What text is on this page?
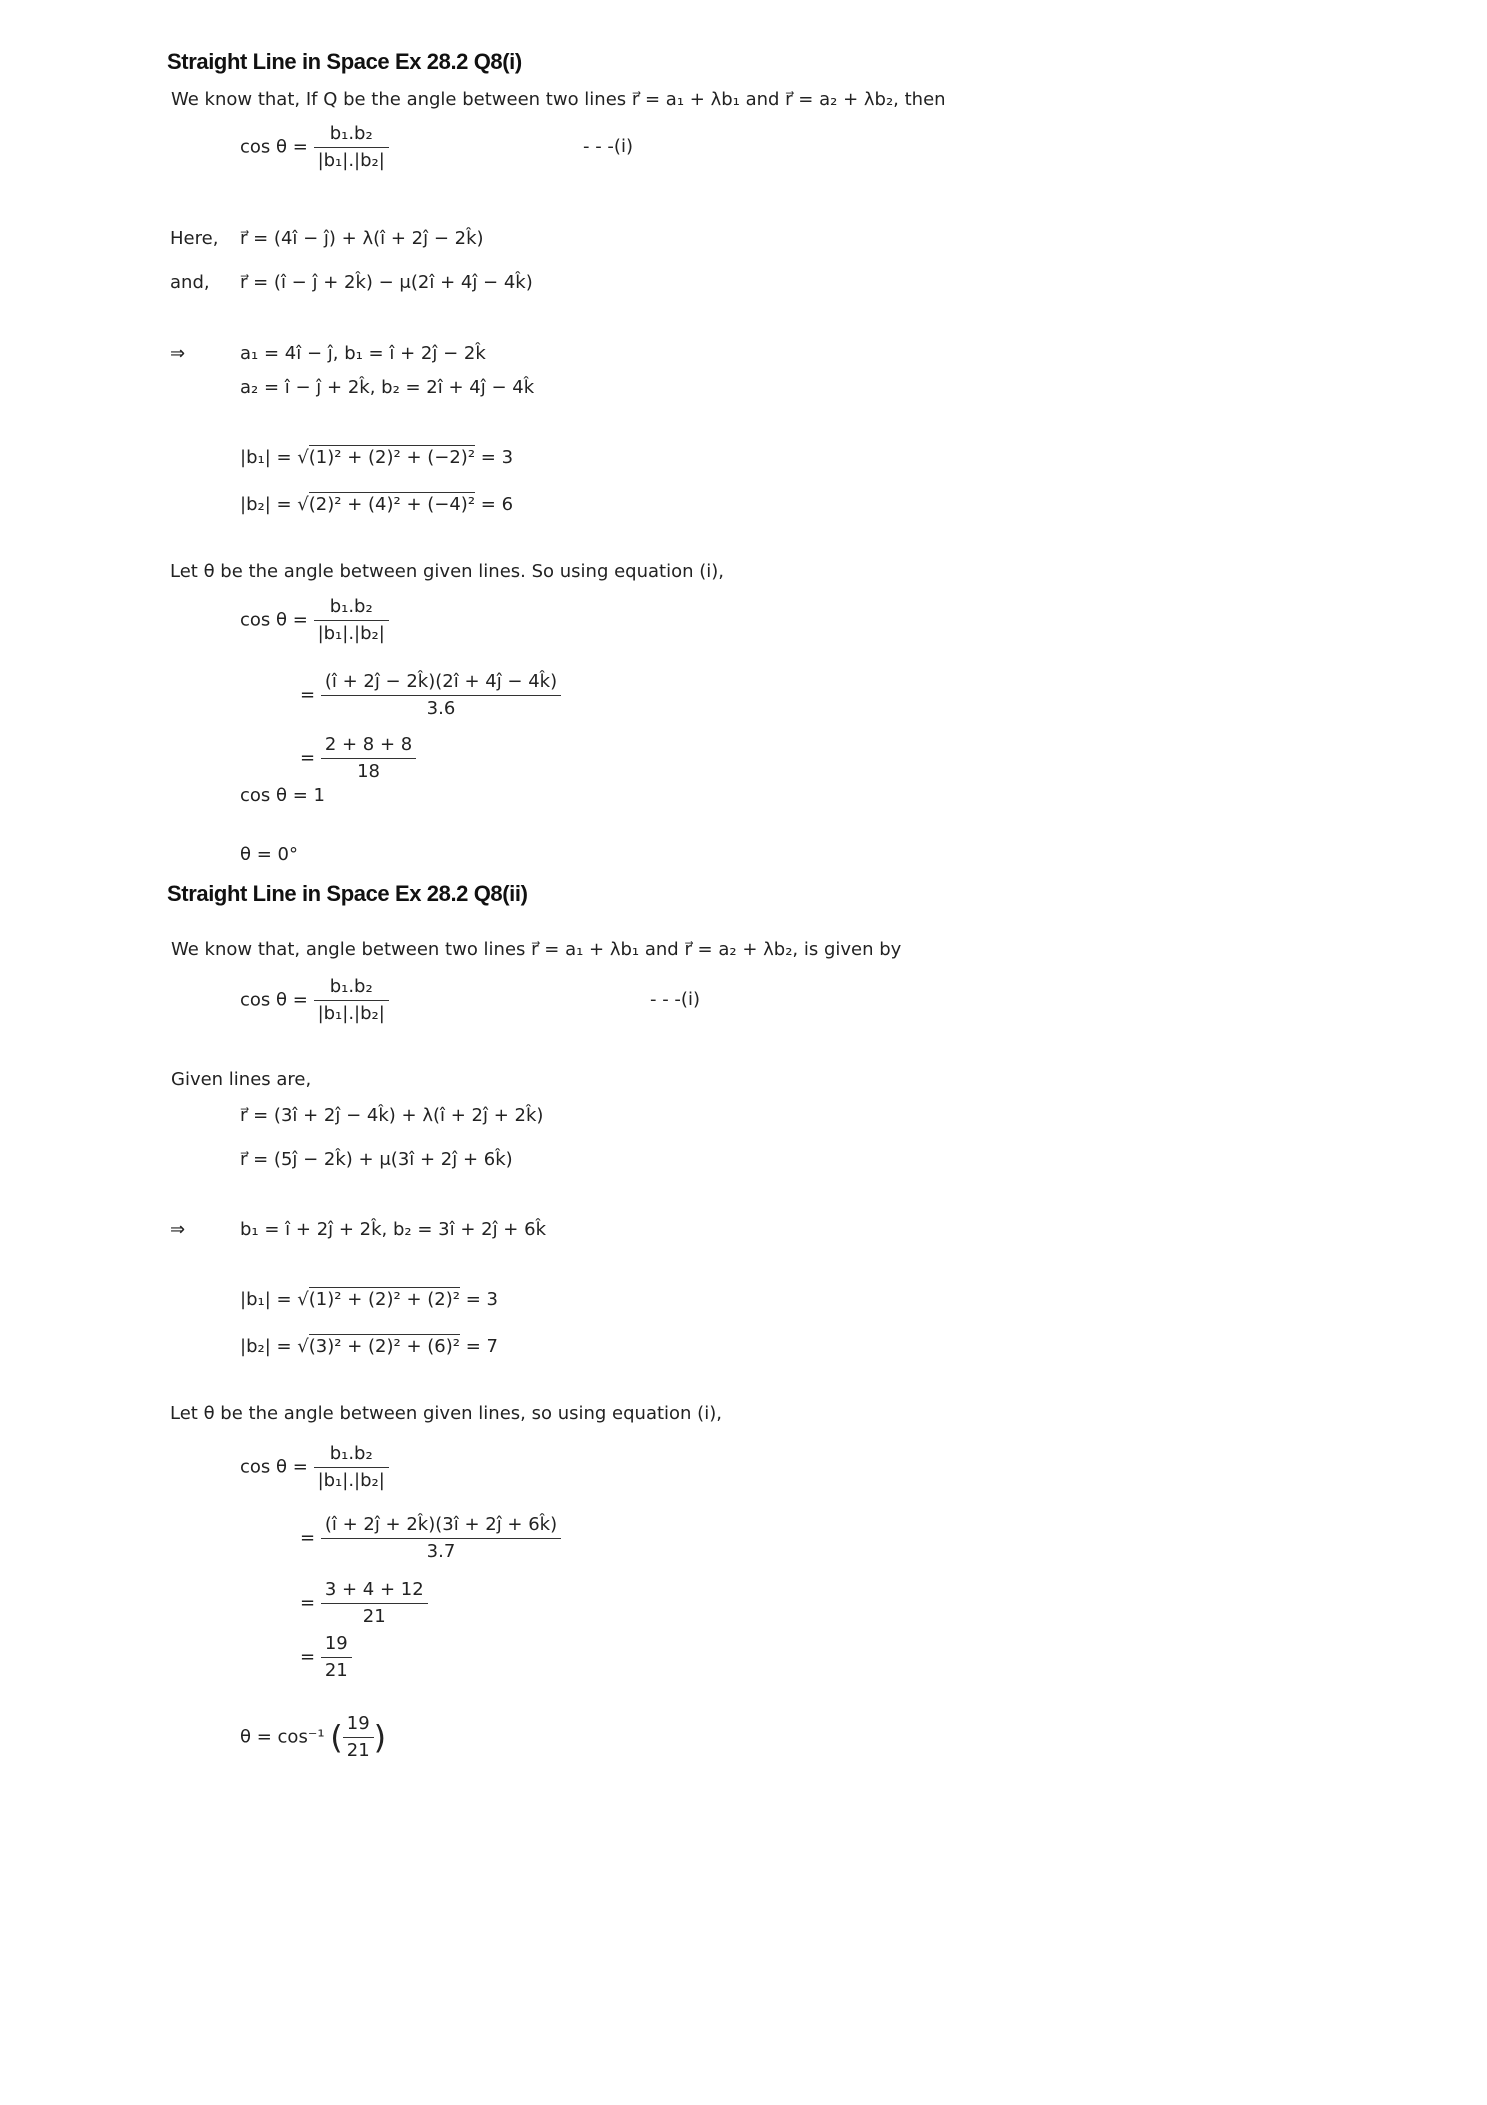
Straight Line in Space Ex 28.2 Q8(i)
We know that, If Q be the angle between two lines r⃗ = a₁ + λb₁ and r⃗ = a₂ + λb₂, then
$\cos \theta = \frac{\text{b₁.b₂}}{\text{|b₁|.|b₂|}}$	- - -(i)
Here, r⃗ = (4î − ĵ) + λ(î + 2ĵ − 2k̂)
and, r⃗ = (î − ĵ + 2k̂) − μ(2î + 4ĵ − 4k̂)
⇒	a₁ = 4î − ĵ, b₁ = î + 2ĵ − 2k̂
a₂ = î − ĵ + 2k̂, b₂ = 2î + 4ĵ − 4k̂
|b₁| = √(1)² + (2)² + (−2)² = 3
|b₂| = √(2)² + (4)² + (−4)² = 6
Let θ be the angle between given lines. So using equation (i),
$\cos \theta = \frac{\text{b₁.b₂}}{\text{|b₁|.|b₂|}}$
= $\frac{(î + 2ĵ - 2k̂)(2î + 4ĵ - 4k̂)}{3.6}$
= $\frac{2 + 8 + 8}{18}$
cos θ = 1
θ = 0°
Straight Line in Space Ex 28.2 Q8(ii)
We know that, angle between two lines r⃗ = a₁ + λb₁ and r⃗ = a₂ + λb₂, is given by
$\cos \theta = \frac{\text{b₁.b₂}}{\text{|b₁|.|b₂|}}$	- - -(i)
Given lines are,
r⃗ = (3î + 2ĵ − 4k̂) + λ(î + 2ĵ + 2k̂)
r⃗ = (5ĵ − 2k̂) + μ(3î + 2ĵ + 6k̂)
⇒	b₁ = î + 2ĵ + 2k̂, b₂ = 3î + 2ĵ + 6k̂
|b₁| = √(1)² + (2)² + (2)² = 3
|b₂| = √(3)² + (2)² + (6)² = 7
Let θ be the angle between given lines, so using equation (i),
$\cos \theta = \frac{\text{b₁.b₂}}{\text{|b₁|.|b₂|}}$
= $\frac{(î + 2ĵ + 2k̂)(3î + 2ĵ + 6k̂)}{3.7}$
= $\frac{3 + 4 + 12}{21}$
= $\frac{19}{21}$
θ = cos⁻¹ ( $\frac{19}{21}$ )
